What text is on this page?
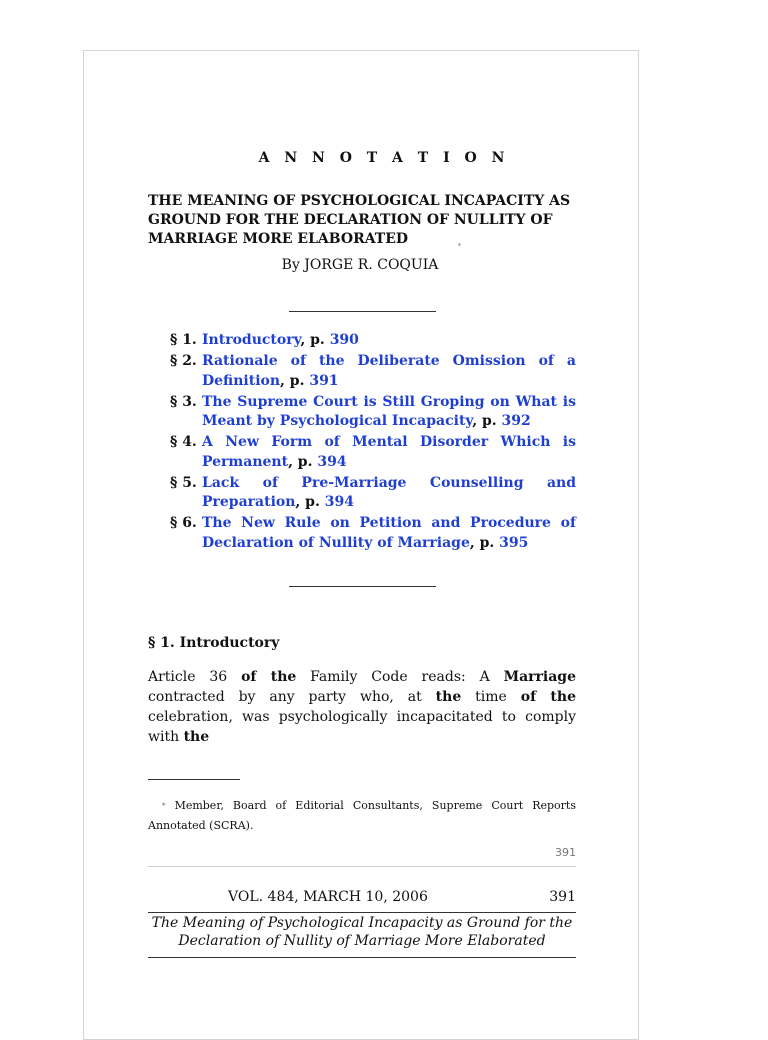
A N N O T A T I O N
THE MEANING OF PSYCHOLOGICAL INCAPACITY AS GROUND FOR THE DECLARATION OF NULLITY OF MARRIAGE MORE ELABORATED	*
By JORGE R. COQUIA
§ 1. Introductory, p. 390
§ 2. Rationale of the Deliberate Omission of a Definition, p. 391
§ 3. The Supreme Court is Still Groping on What is Meant by Psychological Incapacity, p. 392
§ 4. A New Form of Mental Disorder Which is Permanent, p. 394
§ 5. Lack of Pre-Marriage Counselling and Preparation, p. 394
§ 6. The New Rule on Petition and Procedure of Declaration of Nullity of Marriage, p. 395
§ 1. Introductory
Article 36 of the Family Code reads: A Marriage contracted by any party who, at the time of the celebration, was psychologically incapacitated to comply with the
* Member, Board of Editorial Consultants, Supreme Court Reports Annotated (SCRA).
391
VOL. 484, MARCH 10, 2006	391
The Meaning of Psychological Incapacity as Ground for the Declaration of Nullity of Marriage More Elaborated
